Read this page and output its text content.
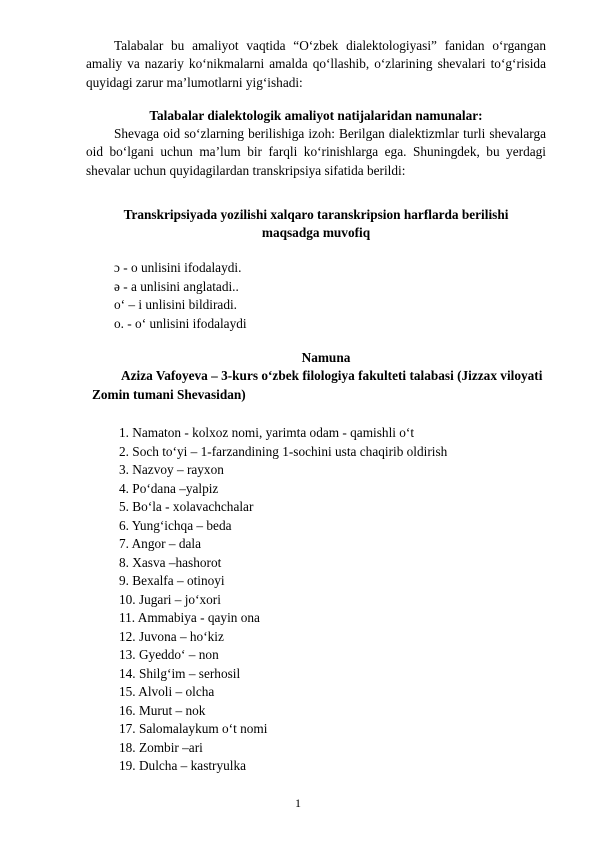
Talabalar bu amaliyot vaqtida “O‘zbek dialektologiyasi” fanidan o‘rgangan amaliy va nazariy ko‘nikmalarni amalda qo‘llashib, o‘zlarining shevalari to‘g‘risida quyidagi zarur ma’lumotlarni yig‘ishadi:

Talabalar dialektologik amaliyot natijalaridan namunalar:

Shevaga oid so‘zlarning berilishiga izoh: Berilgan dialektizmlar turli shevalarga oid bo‘lgani uchun ma’lum bir farqli ko‘rinishlarga ega. Shuningdek, bu yerdagi shevalar uchun quyidagilardan transkripsiya sifatida berildi:

Transkripsiyada yozilishi xalqaro taranskripsion harflarda berilishi

maqsadga muvofiq

ɔ - o unlisini ifodalaydi.
ə - a unlisini anglatadi..
o‘ – i unlisini bildiradi.
o. - o‘ unlisini ifodalaydi

Namuna

Aziza Vafoyeva – 3-kurs o‘zbek filologiya fakulteti talabasi (Jizzax viloyati Zomin tumani Shevasidan)

1. Namaton - kolxoz nomi, yarimta odam - qamishli o‘t
2. Soch to‘yi – 1-farzandining 1-sochini usta chaqirib oldirish
3. Nazvoy – rayxon
4. Po‘dana –yalpiz
5. Bo‘la - xolavachchalar
6. Yung‘ichqa – beda
7. Angor – dala
8. Xasva –hashorot
9. Bexalfa – otinoyi
10. Jugari – jo‘xori
11. Ammabiya - qayin ona
12. Juvona – ho‘kiz
13. Gyeddo‘ – non
14. Shilg‘im – serhosil
15. Alvoli – olcha
16. Murut – nok
17. Salomalaykum o‘t nomi
18. Zombir –ari
19. Dulcha – kastryulka
1
